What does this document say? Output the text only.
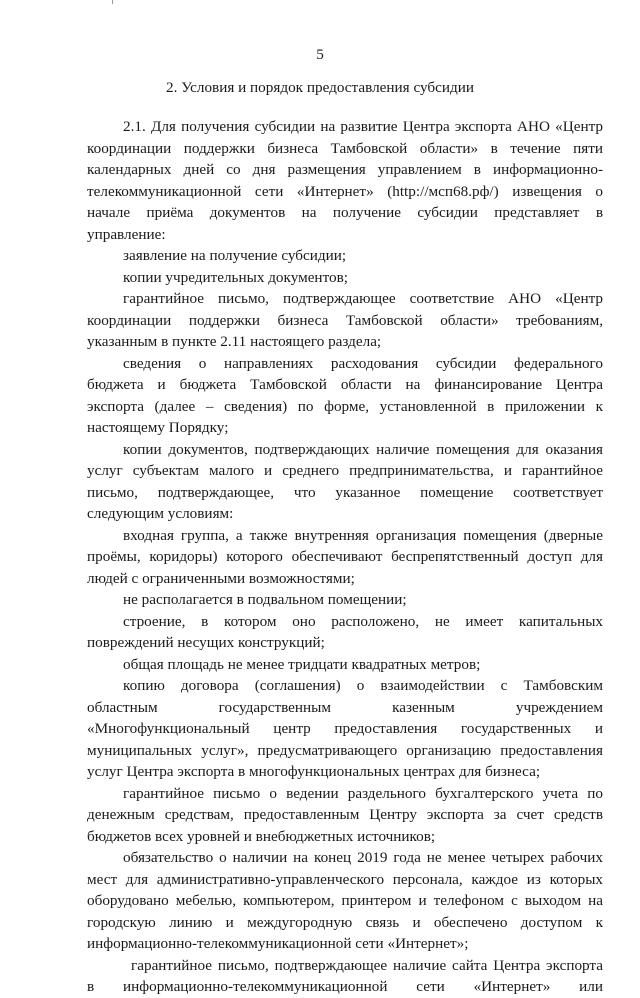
5
2. Условия и порядок предоставления субсидии
2.1. Для получения субсидии на развитие Центра экспорта АНО «Центр
координации поддержки бизнеса Тамбовской области» в течение пяти
календарных дней со дня размещения управлением в информационно-
телекоммуникационной сети «Интернет» (http://мсп68.рф/) извещения о
начале приёма документов на получение субсидии представляет в
управление:
заявление на получение субсидии;
копии учредительных документов;
гарантийное письмо, подтверждающее соответствие АНО «Центр
координации поддержки бизнеса Тамбовской области» требованиям,
указанным в пункте 2.11 настоящего раздела;
сведения о направлениях расходования субсидии федерального
бюджета и бюджета Тамбовской области на финансирование Центра
экспорта (далее – сведения) по форме, установленной в приложении к
настоящему Порядку;
копии документов, подтверждающих наличие помещения для оказания
услуг субъектам малого и среднего предпринимательства, и гарантийное
письмо, подтверждающее, что указанное помещение соответствует
следующим условиям:
входная группа, а также внутренняя организация помещения (дверные
проёмы, коридоры) которого обеспечивают беспрепятственный доступ для
людей с ограниченными возможностями;
не располагается в подвальном помещении;
строение, в котором оно расположено, не имеет капитальных
повреждений несущих конструкций;
общая площадь не менее тридцати квадратных метров;
копию договора (соглашения) о взаимодействии с Тамбовским
областным государственным казенным учреждением
«Многофункциональный центр предоставления государственных и
муниципальных услуг», предусматривающего организацию предоставления
услуг Центра экспорта в многофункциональных центрах для бизнеса;
гарантийное письмо о ведении раздельного бухгалтерского учета по
денежным средствам, предоставленным Центру экспорта за счет средств
бюджетов всех уровней и внебюджетных источников;
обязательство о наличии на конец 2019 года не менее четырех рабочих
мест для административно-управленческого персонала, каждое из которых
оборудовано мебелью, компьютером, принтером и телефоном с выходом на
городскую линию и междугородную связь и обеспечено доступом к
информационно-телекоммуникационной сети «Интернет»;
гарантийное письмо, подтверждающее наличие сайта Центра экспорта
в информационно-телекоммуникационной сети «Интернет» или
